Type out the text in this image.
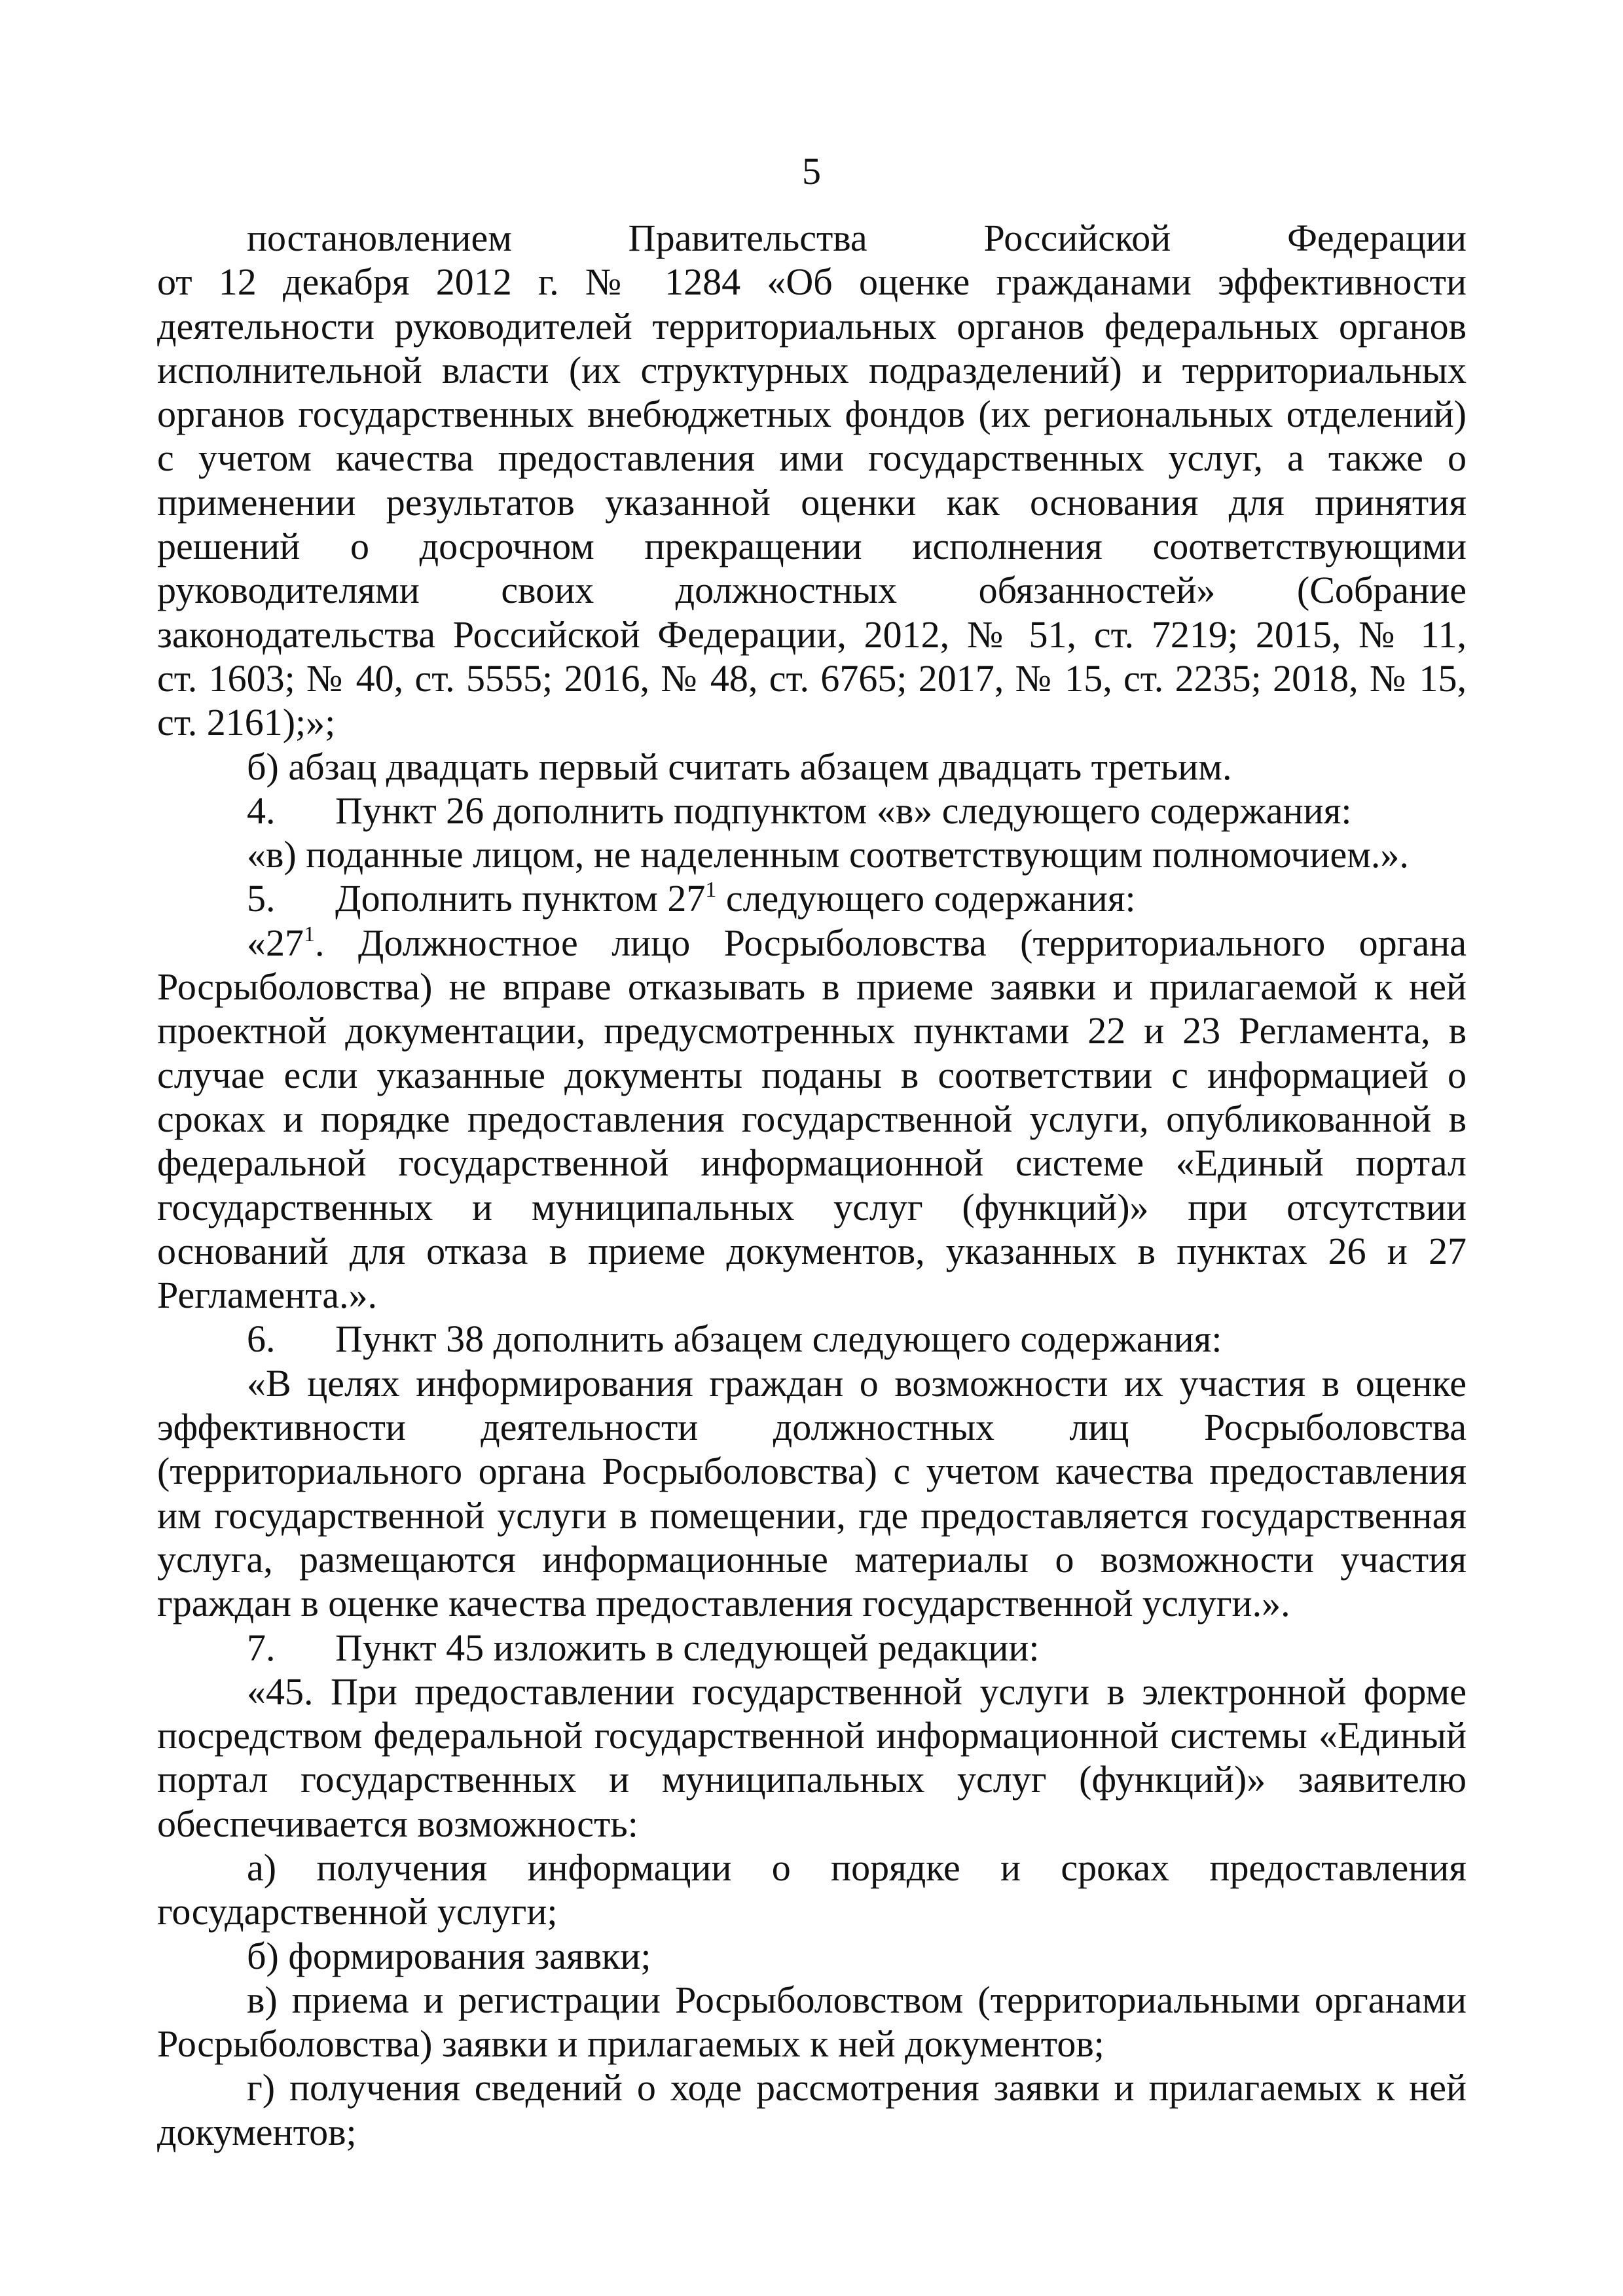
5

постановлением Правительства Российской Федерации

от 12 декабря 2012 г. № 1284 «Об оценке гражданами эффективности

деятельности руководителей территориальных органов федеральных органов

исполнительной власти (их структурных подразделений) и территориальных

органов государственных внебюджетных фондов (их региональных отделений)

с учетом качества предоставления ими государственных услуг, а также о

применении результатов указанной оценки как основания для принятия

решений о досрочном прекращении исполнения соответствующими

руководителями своих должностных обязанностей» (Собрание

законодательства Российской Федерации, 2012, № 51, ст. 7219; 2015, № 11,

ст. 1603; № 40, ст. 5555; 2016, № 48, ст. 6765; 2017, № 15, ст. 2235; 2018, № 15,

ст. 2161);»;

б) абзац двадцать первый считать абзацем двадцать третьим.

4. Пункт 26 дополнить подпунктом «в» следующего содержания:

«в) поданные лицом, не наделенным соответствующим полномочием.».

5. Дополнить пунктом $27^1$ следующего содержания:

«$27^1$. Должностное лицо Росрыболовства (территориального органа

Росрыболовства) не вправе отказывать в приеме заявки и прилагаемой к ней

проектной документации, предусмотренных пунктами 22 и 23 Регламента, в

случае если указанные документы поданы в соответствии с информацией о

сроках и порядке предоставления государственной услуги, опубликованной в

федеральной государственной информационной системе «Единый портал

государственных и муниципальных услуг (функций)» при отсутствии

оснований для отказа в приеме документов, указанных в пунктах 26 и 27

Регламента.».

6. Пункт 38 дополнить абзацем следующего содержания:

«В целях информирования граждан о возможности их участия в оценке

эффективности деятельности должностных лиц Росрыболовства

(территориального органа Росрыболовства) с учетом качества предоставления

им государственной услуги в помещении, где предоставляется государственная

услуга, размещаются информационные материалы о возможности участия

граждан в оценке качества предоставления государственной услуги.».

7. Пункт 45 изложить в следующей редакции:

«45. При предоставлении государственной услуги в электронной форме

посредством федеральной государственной информационной системы «Единый

портал государственных и муниципальных услуг (функций)» заявителю

обеспечивается возможность:

а) получения информации о порядке и сроках предоставления

государственной услуги;

б) формирования заявки;

в) приема и регистрации Росрыболовством (территориальными органами

Росрыболовства) заявки и прилагаемых к ней документов;

г) получения сведений о ходе рассмотрения заявки и прилагаемых к ней

документов;
